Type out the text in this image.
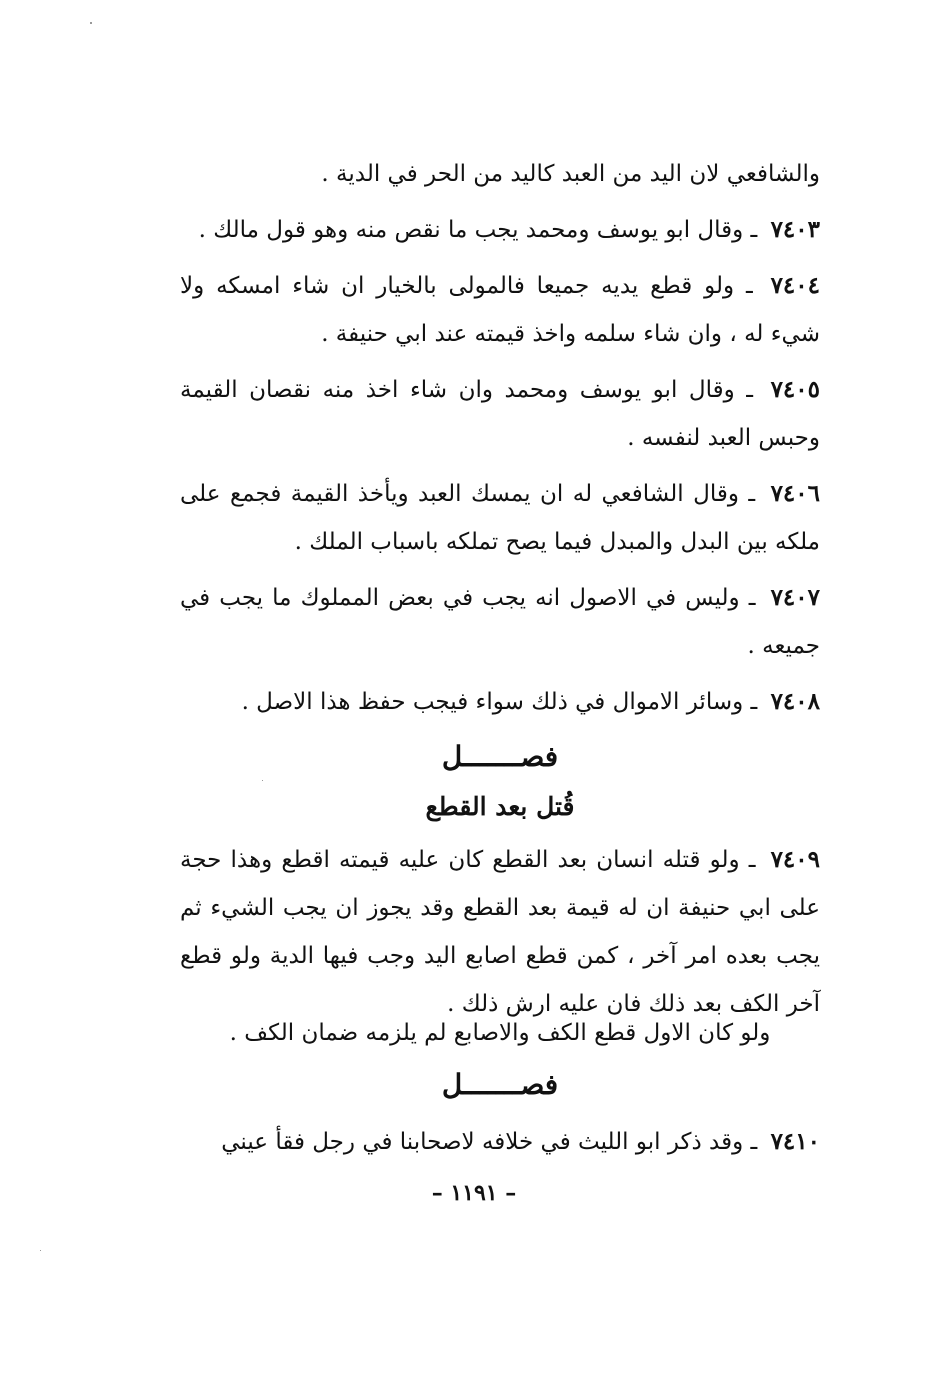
والشافعي لان اليد من العبد كاليد من الحر في الدية .

٧٤٠٣ ـ وقال ابو يوسف ومحمد يجب ما نقص منه وهو قول مالك .

٧٤٠٤ ـ ولو قطع يديه جميعا فالمولى بالخيار ان شاء امسكه ولا شيء له ، وان شاء سلمه واخذ قيمته عند ابي حنيفة .

٧٤٠٥ ـ وقال ابو يوسف ومحمد وان شاء اخذ منه نقصان القيمة وحبس العبد لنفسه .

٧٤٠٦ ـ وقال الشافعي له ان يمسك العبد ويأخذ القيمة فجمع على ملكه بين البدل والمبدل فيما يصح تملكه باسباب الملك .

٧٤٠٧ ـ وليس في الاصول انه يجب في بعض المملوك ما يجب في جميعه .

٧٤٠٨ ـ وسائر الاموال في ذلك سواء فيجب حفظ هذا الاصل .

فصـــــــل
قُتل بعد القطع

٧٤٠٩ ـ ولو قتله انسان بعد القطع كان عليه قيمته اقطع وهذا حجة على ابي حنيفة ان له قيمة بعد القطع وقد يجوز ان يجب الشيء ثم يجب بعده امر آخر ، كمن قطع اصابع اليد وجب فيها الدية ولو قطع آخر الكف بعد ذلك فان عليه ارش ذلك .

ولو كان الاول قطع الكف والاصابع لم يلزمه ضمان الكف .
فصـــــــل

٧٤١٠ ـ وقد ذكر ابو الليث في خلافه لاصحابنا في رجل فقأ عيني

– ١١٩١ –
